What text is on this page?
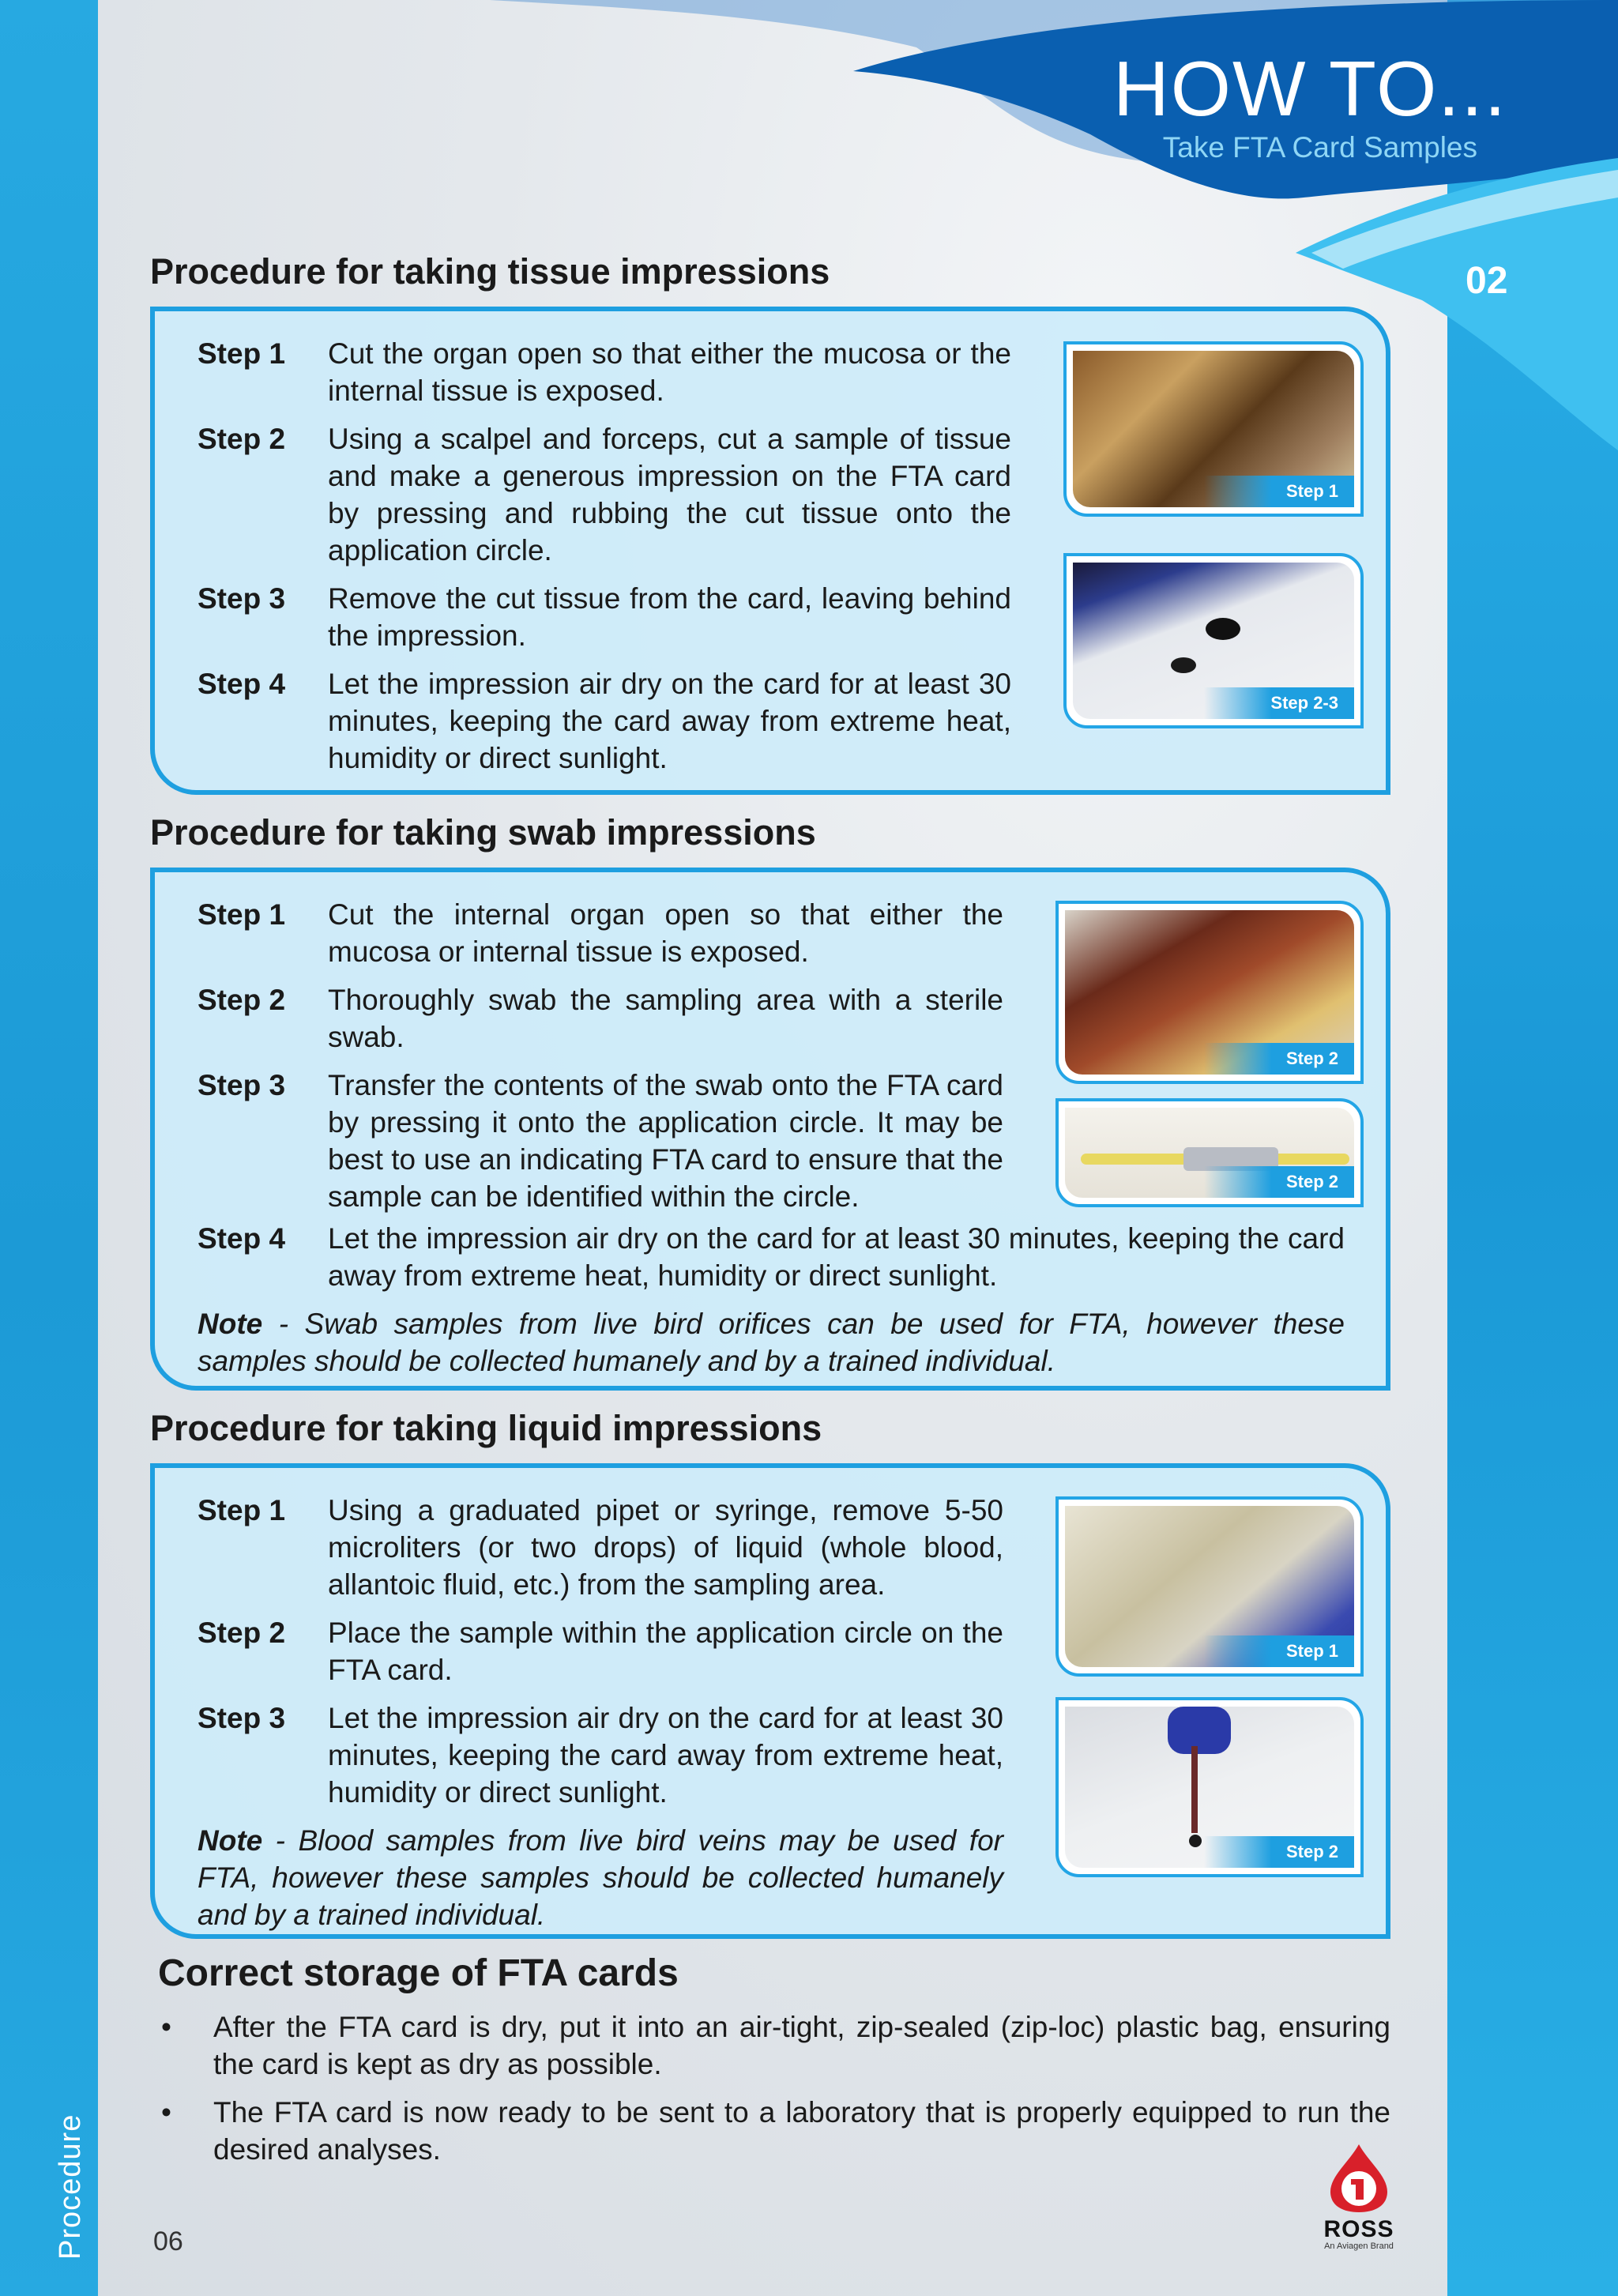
Procedure
HOW TO...
Take FTA Card Samples
02
Procedure for taking tissue impressions
Step 1	Cut the organ open so that either the mucosa or the internal tissue is exposed.
Step 2	Using a scalpel and forceps, cut a sample of tissue and make a generous impression on the FTA card by pressing and rubbing the cut tissue onto the application circle.
Step 3	Remove the cut tissue from the card, leaving behind the impression.
Step 4	Let the impression air dry on the card for at least 30 minutes, keeping the card away from extreme heat, humidity or direct sunlight.
Step 1
Step 2-3
Procedure for taking swab impressions
Step 1	Cut the internal organ open so that either the mucosa or internal tissue is exposed.
Step 2	Thoroughly swab the sampling area with a sterile swab.
Step 3	Transfer the contents of the swab onto the FTA card by pressing it onto the application circle. It may be best to use an indicating FTA card to ensure that the sample can be identified within the circle.
Step 4	Let the impression air dry on the card for at least 30 minutes, keeping the card away from extreme heat, humidity or direct sunlight.
Note - Swab samples from live bird orifices can be used for FTA, however these samples should be collected humanely and by a trained individual.
Step 2
Step 2
Procedure for taking liquid impressions
Step 1	Using a graduated pipet or syringe, remove 5-50 microliters (or two drops) of liquid (whole blood, allantoic fluid, etc.) from the sampling area.
Step 2	Place the sample within the application circle on the FTA card.
Step 3	Let the impression air dry on the card for at least 30 minutes, keeping the card away from extreme heat, humidity or direct sunlight.
Note - Blood samples from live bird veins may be used for FTA, however these samples should be collected humanely and by a trained individual.
Step 1
Step 2
Correct storage of FTA cards
• After the FTA card is dry, put it into an air-tight, zip-sealed (zip-loc) plastic bag, ensuring the card is kept as dry as possible.
• The FTA card is now ready to be sent to a laboratory that is properly equipped to run the desired analyses.
06	ROSS
An Aviagen Brand
